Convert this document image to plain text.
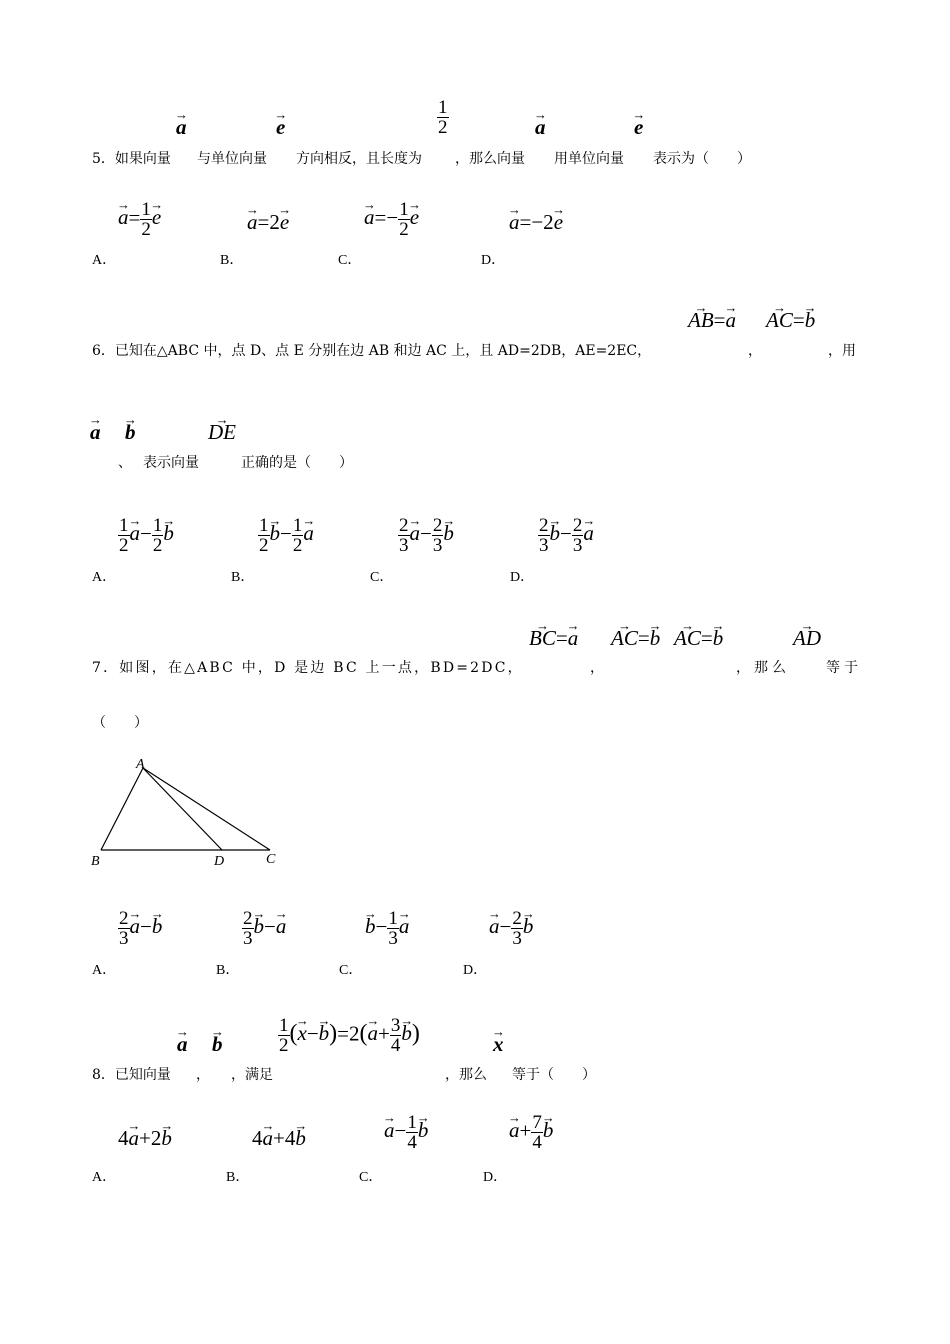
→ a
→	e	$\frac{1}{2}$
→	a
→	e
5．如果向量 与单位向量 方向相反，且长度为 ，那么向量 用单位向量 表示为（　　）
→ $a= \frac{1}{2}$
→ e
→	a=2→ e
→	$a=- \frac{1}{2}$
→ e
→	a=−2→ e
A．	B．	C．	D．
→ AB=→ a
→ AC=→ b
6．已知在△ABC 中，点 D、点 E 分别在边 AB 和边 AC 上，且 AD=2DB，AE=2EC，	，	，用
→ a
→ b
→	DE
、 表示向量	正确的是（　　）
$\frac{1}{2}$
→ $a- \frac{1}{2}$
→ b	$\frac{1}{2}$
→ $b- \frac{1}{2}$
→ a	$\frac{2}{3}$
→ $a- \frac{2}{3}$
→ b	$\frac{2}{3}$
→ $b- \frac{2}{3}$
→ a
A．	B．	C．	D．
→ BC=→ a
→ AC=→ b
→ AC=→ b
→	AD
7．如图，在△ABC 中，D 是边 BC 上一点，BD=2DC，	，	，那么	等于
（　　）
A
B	D	C
$\frac{2}{3}$
→ a−→ b	$\frac{2}{3}$
→ b−→ a
→	$b- \frac{1}{3}$
→ a
→	$a- \frac{2}{3}$
→ b
A．	B．	C．	D．
→ a
→ b	$\frac{1}{2}$ (→ $x-\to b)=2(\to a+ \frac{3}{4}$
→ b)
→	x
8．已知向量 ， ，满足	，那么 等于（　　）
4→ a+2→ b	4→ a+4→ b
→	$a- \frac{1}{4}$
→ b
→	$a+ \frac{7}{4}$
→ b
A．	B．	C．	D．
